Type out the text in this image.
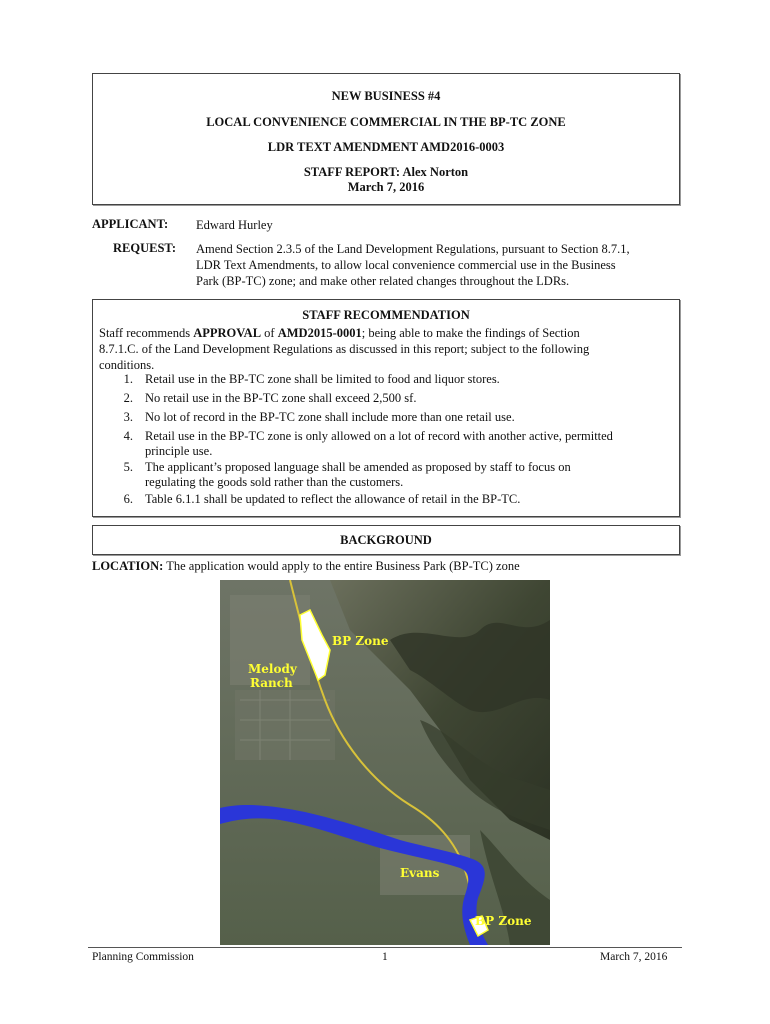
NEW BUSINESS #4
LOCAL CONVENIENCE COMMERCIAL IN THE BP-TC ZONE
LDR TEXT AMENDMENT AMD2016-0003
STAFF REPORT: Alex Norton
March 7, 2016
APPLICANT: Edward Hurley
REQUEST: Amend Section 2.3.5 of the Land Development Regulations, pursuant to Section 8.7.1,
LDR Text Amendments, to allow local convenience commercial use in the Business
Park (BP-TC) zone; and make other related changes throughout the LDRs.
STAFF RECOMMENDATION
Staff recommends APPROVAL of AMD2015-0001; being able to make the findings of Section
8.7.1.C. of the Land Development Regulations as discussed in this report; subject to the following
conditions.
1. Retail use in the BP-TC zone shall be limited to food and liquor stores.
2. No retail use in the BP-TC zone shall exceed 2,500 sf.
3. No lot of record in the BP-TC zone shall include more than one retail use.
4. Retail use in the BP-TC zone is only allowed on a lot of record with another active, permitted
principle use.
5. The applicant’s proposed language shall be amended as proposed by staff to focus on
regulating the goods sold rather than the customers.
6. Table 6.1.1 shall be updated to reflect the allowance of retail in the BP-TC.
BACKGROUND
LOCATION: The application would apply to the entire Business Park (BP-TC) zone
BP Zone
Melody
Ranch
Evans
BP Zone
Planning Commission	1	March 7, 2016
